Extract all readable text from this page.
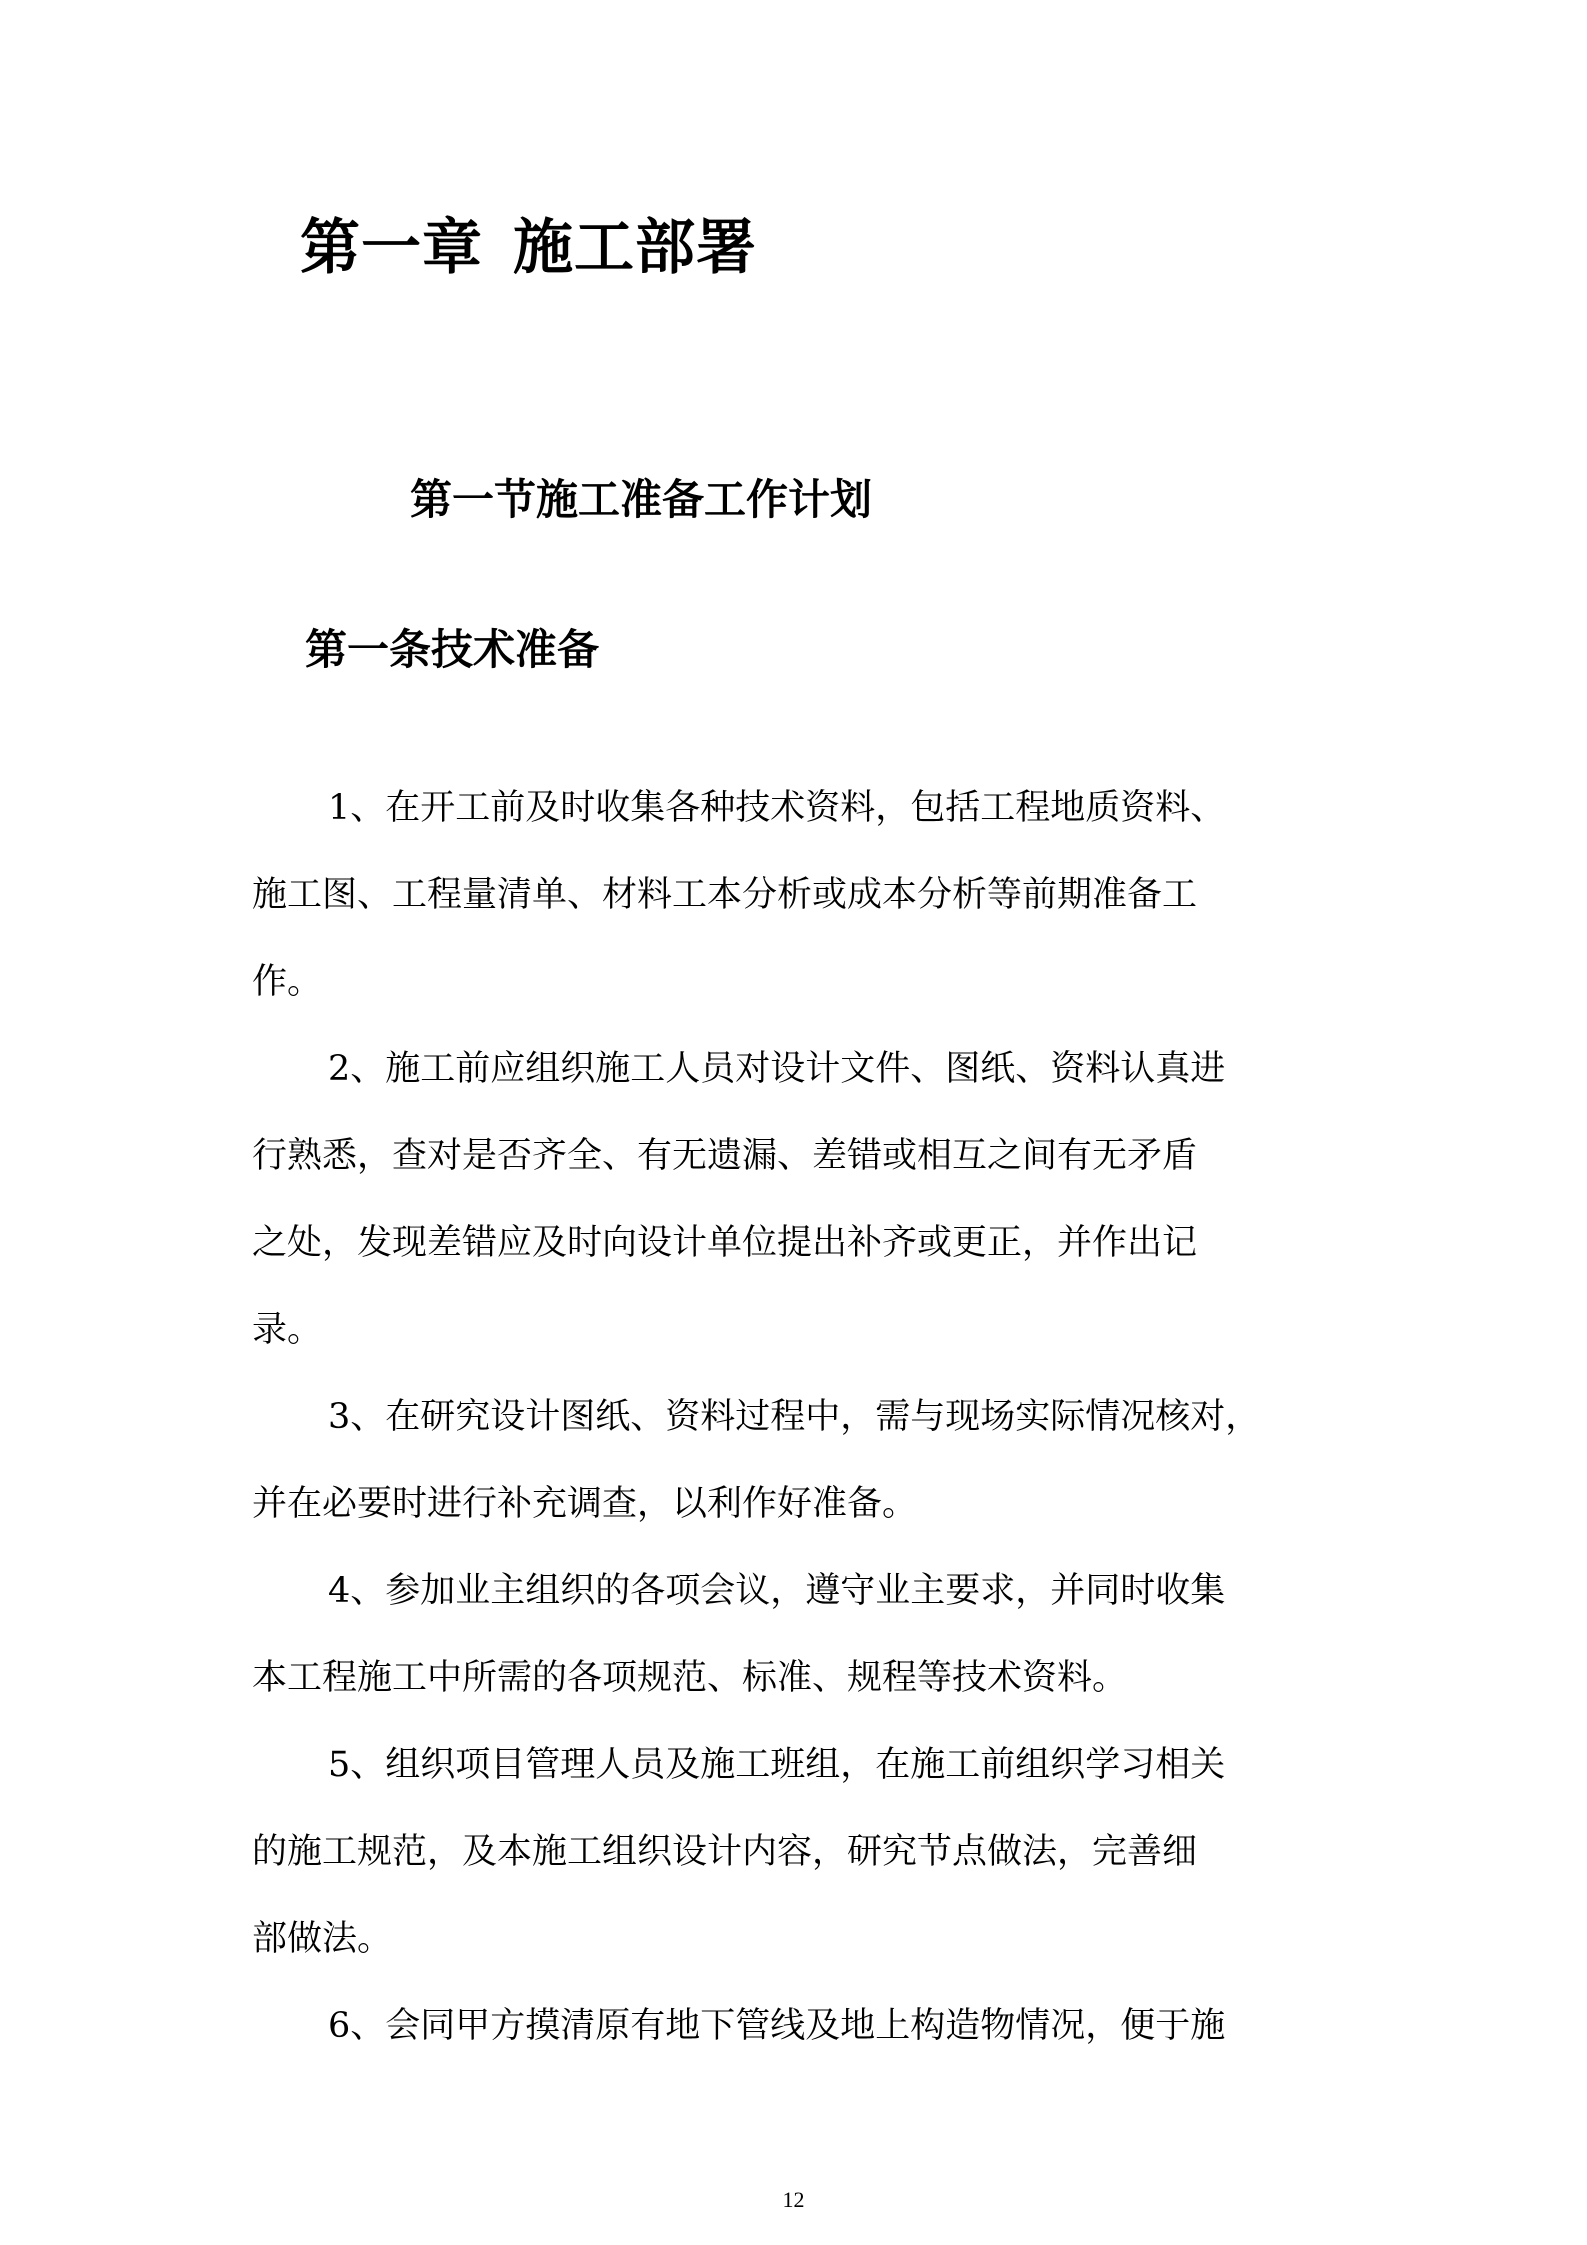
第一章 施工部署
第一节施工准备工作计划
第一条技术准备

1、在开工前及时收集各种技术资料，包括工程地质资料、
施工图、工程量清单、材料工本分析或成本分析等前期准备工
作。

2、施工前应组织施工人员对设计文件、图纸、资料认真进
行熟悉，查对是否齐全、有无遗漏、差错或相互之间有无矛盾
之处，发现差错应及时向设计单位提出补齐或更正，并作出记
录。

3、在研究设计图纸、资料过程中，需与现场实际情况核对，
并在必要时进行补充调查，以利作好准备。

4、参加业主组织的各项会议，遵守业主要求，并同时收集
本工程施工中所需的各项规范、标准、规程等技术资料。

5、组织项目管理人员及施工班组，在施工前组织学习相关
的施工规范，及本施工组织设计内容，研究节点做法，完善细
部做法。

6、会同甲方摸清原有地下管线及地上构造物情况，便于施

12
